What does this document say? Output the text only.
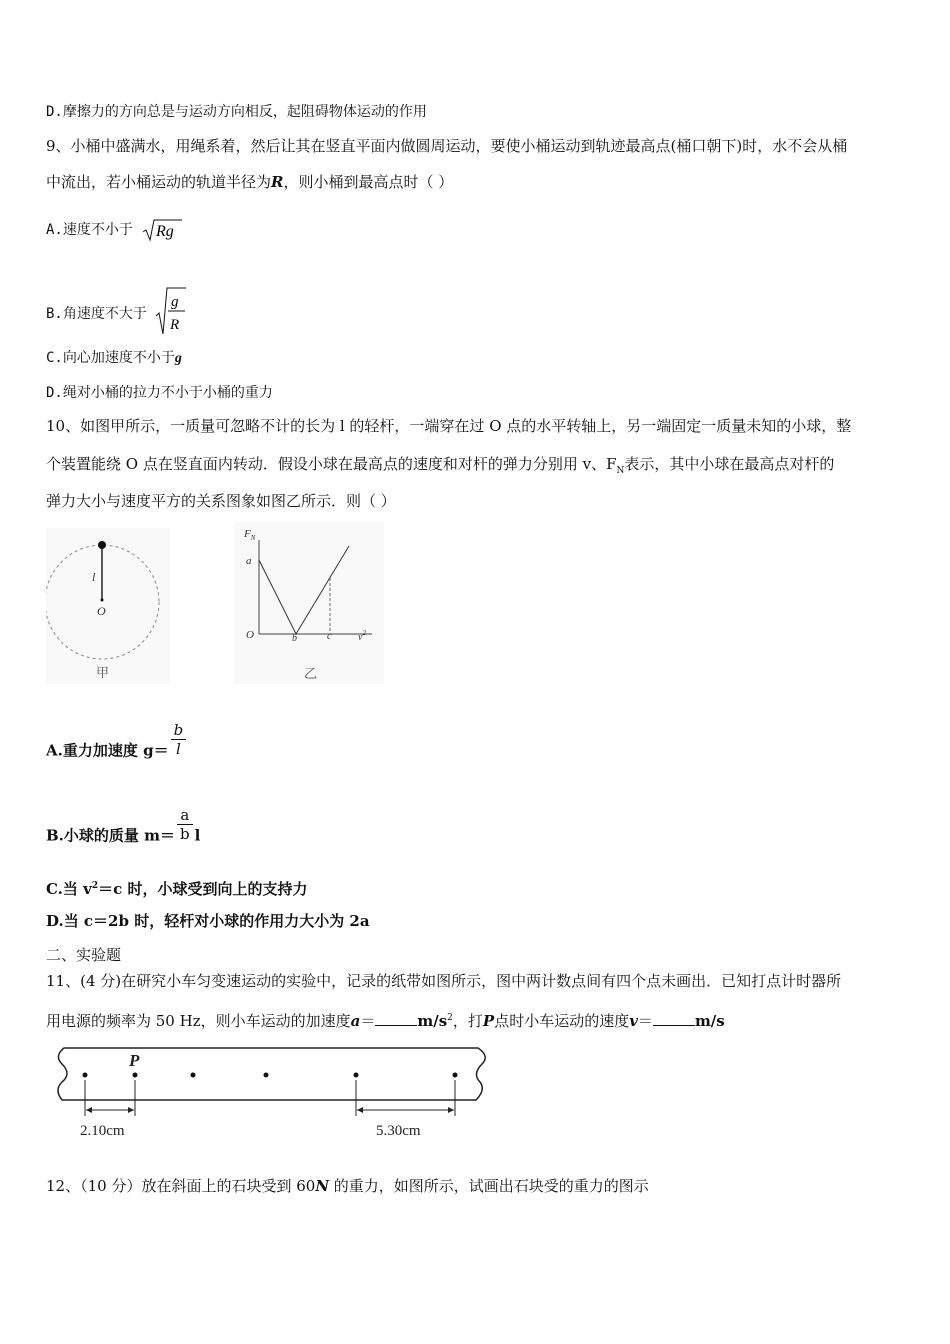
D.摩擦力的方向总是与运动方向相反，起阻碍物体运动的作用
9、小桶中盛满水，用绳系着，然后让其在竖直平面内做圆周运动，要使小桶运动到轨迹最高点(桶口朝下)时，水不会从桶
中流出，若小桶运动的轨道半径为R，则小桶到最高点时（ ）
A.速度不小于 Rg
B.角速度不大于
g
R
C.向心加速度不小于g
D.绳对小桶的拉力不小于小桶的重力
10、如图甲所示，一质量可忽略不计的长为 l 的轻杆，一端穿在过 O 点的水平转轴上，另一端固定一质量未知的小球，整
个装置能绕 O 点在竖直面内转动．假设小球在最高点的速度和对杆的弹力分别用 v、$F_N$表示，其中小球在最高点对杆的
弹力大小与速度平方的关系图象如图乙所示．则（ ）
l
O
甲
$F_N$
a
O	b	c	$v^2$
乙
A.重力加速度 $g= \frac{b}{l}$
B.小球的质量 $m= \frac{a}{b}$ l
C.当 $v^2=c$ 时，小球受到向上的支持力
D.当 c＝2b 时，轻杆对小球的作用力大小为 2a
二、实验题
11、(4 分)在研究小车匀变速运动的实验中，记录的纸带如图所示，图中两计数点间有四个点未画出．已知打点计时器所
用电源的频率为 50 Hz，则小车运动的加速度a＝	$m/s^2$，打P点时小车运动的速度v＝	m/s
P
2.10cm	5.30cm
12、（10 分）放在斜面上的石块受到 60N 的重力，如图所示，试画出石块受的重力的图示
